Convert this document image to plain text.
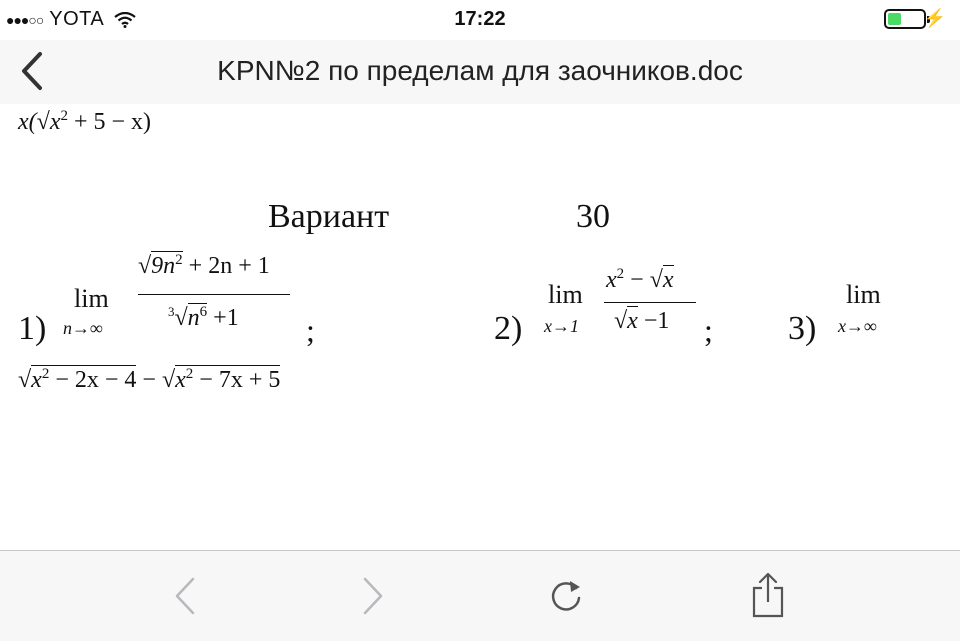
●●●○○ YOTA	17:22	⚡
KPN№2 по пределам для заочников.doc
$x(√x^2 + 5 - x)$
Вариант	30
1)
lim
n→∞
$√9n^2 + 2n + 1$
$^3√n^6 +1$ ;	2)
lim
x→1
$x^2 - √x$
√x −1 ; 3)
lim
x→∞
$√x^2 - 2x - 4 - √x^2 - 7x + 5$
